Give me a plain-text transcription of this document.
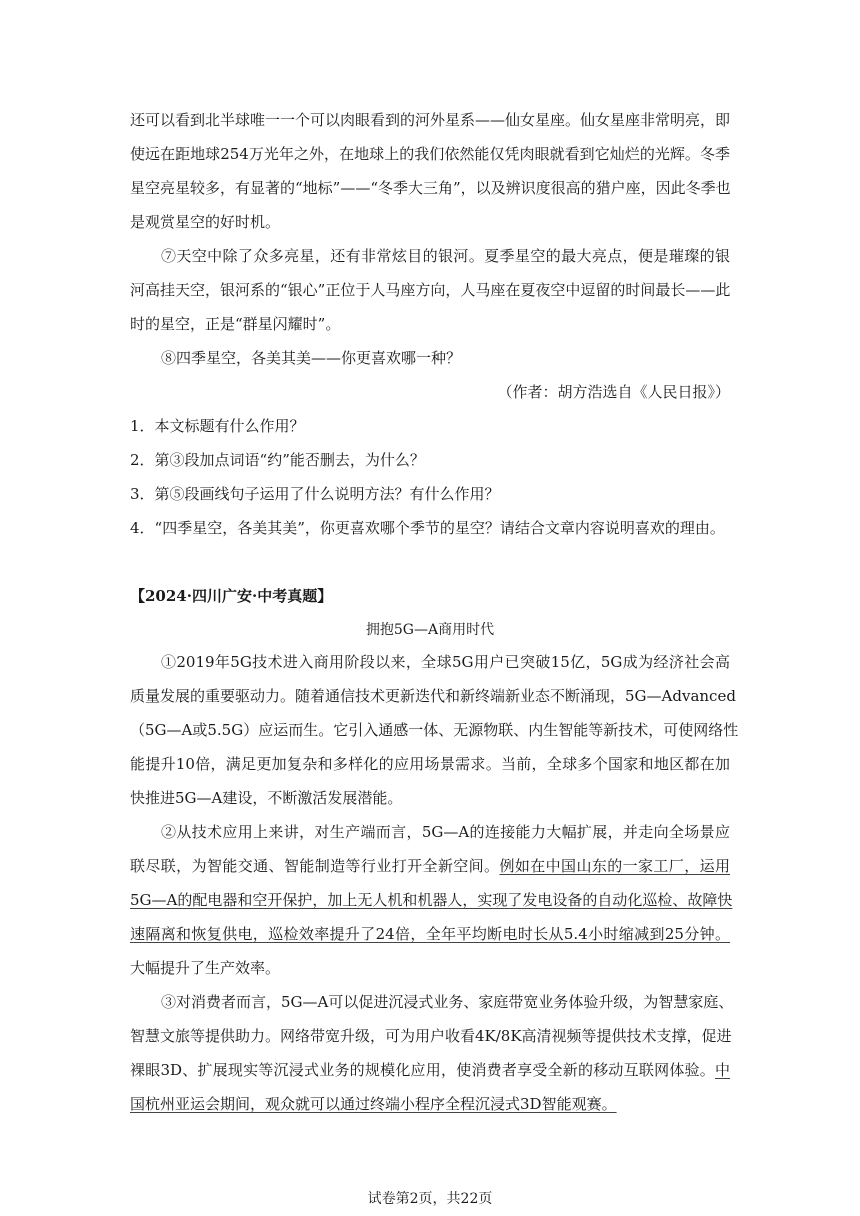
还可以看到北半球唯一一个可以肉眼看到的河外星系——仙女星座。仙女星座非常明亮，即
使远在距地球254万光年之外，在地球上的我们依然能仅凭肉眼就看到它灿烂的光辉。冬季
星空亮星较多，有显著的“地标”——“冬季大三角”，以及辨识度很高的猎户座，因此冬季也
是观赏星空的好时机。
⑦天空中除了众多亮星，还有非常炫目的银河。夏季星空的最大亮点，便是璀璨的银
河高挂天空，银河系的“银心”正位于人马座方向，人马座在夏夜空中逗留的时间最长——此
时的星空，正是“群星闪耀时”。
⑧四季星空，各美其美——你更喜欢哪一种？
（作者：胡方浩选自《人民日报》）
1．本文标题有什么作用？
2．第③段加点词语“约”能否删去，为什么？
3．第⑤段画线句子运用了什么说明方法？有什么作用？
4．“四季星空，各美其美”，你更喜欢哪个季节的星空？请结合文章内容说明喜欢的理由。
【2024·四川广安·中考真题】
拥抱5G—A商用时代
①2019年5G技术进入商用阶段以来，全球5G用户已突破15亿，5G成为经济社会高
质量发展的重要驱动力。随着通信技术更新迭代和新终端新业态不断涌现，5G—Advanced
（5G—A或5.5G）应运而生。它引入通感一体、无源物联、内生智能等新技术，可使网络性
能提升10倍，满足更加复杂和多样化的应用场景需求。当前，全球多个国家和地区都在加
快推进5G—A建设，不断激活发展潜能。
②从技术应用上来讲，对生产端而言，5G—A的连接能力大幅扩展，并走向全场景应
联尽联，为智能交通、智能制造等行业打开全新空间。例如在中国山东的一家工厂，运用
5G—A的配电器和空开保护，加上无人机和机器人，实现了发电设备的自动化巡检、故障快
速隔离和恢复供电，巡检效率提升了24倍，全年平均断电时长从5.4小时缩减到25分钟。
大幅提升了生产效率。
③对消费者而言，5G—A可以促进沉浸式业务、家庭带宽业务体验升级，为智慧家庭、
智慧文旅等提供助力。网络带宽升级，可为用户收看4K/8K高清视频等提供技术支撑，促进
裸眼3D、扩展现实等沉浸式业务的规模化应用，使消费者享受全新的移动互联网体验。中
国杭州亚运会期间，观众就可以通过终端小程序全程沉浸式3D智能观赛。
试卷第2页，共22页
